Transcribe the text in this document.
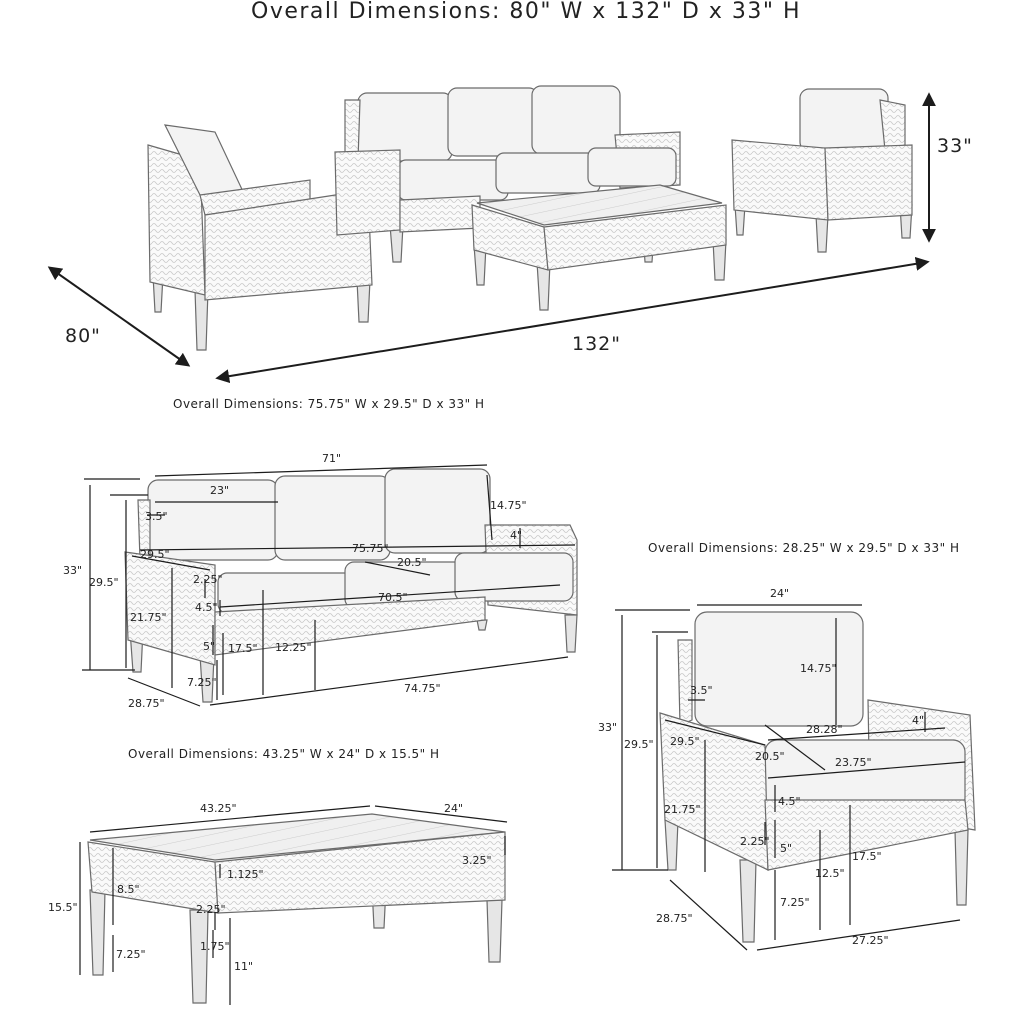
Overall Dimensions: 80" W x 132" D x 33" H
33"
80"	132"
Overall Dimensions: 75.75" W x 29.5" D x 33" H
71"
23"
14.75"
3.5"
4"
75.75"
29.5"
20.5"
33"
29.5"	2.25"
70.5"
4.5"
21.75"
5" 17.5" 12.25"
7.25"
28.75"
74.75"
Overall Dimensions: 28.25" W x 29.5" D x 33" H
24"
14.75"
3.5"
33"
29.5"
28.28"
4"
29.5"
20.5"	23.75"
4.5"
21.75"
2.25"
5"
17.5"
12.5"
7.25"
28.75"
27.25"
Overall Dimensions: 43.25" W x 24" D x 15.5" H
43.25"	24"
1.125"
3.25"
15.5"
8.5"
2.25"
1.75"
7.25"
11"
